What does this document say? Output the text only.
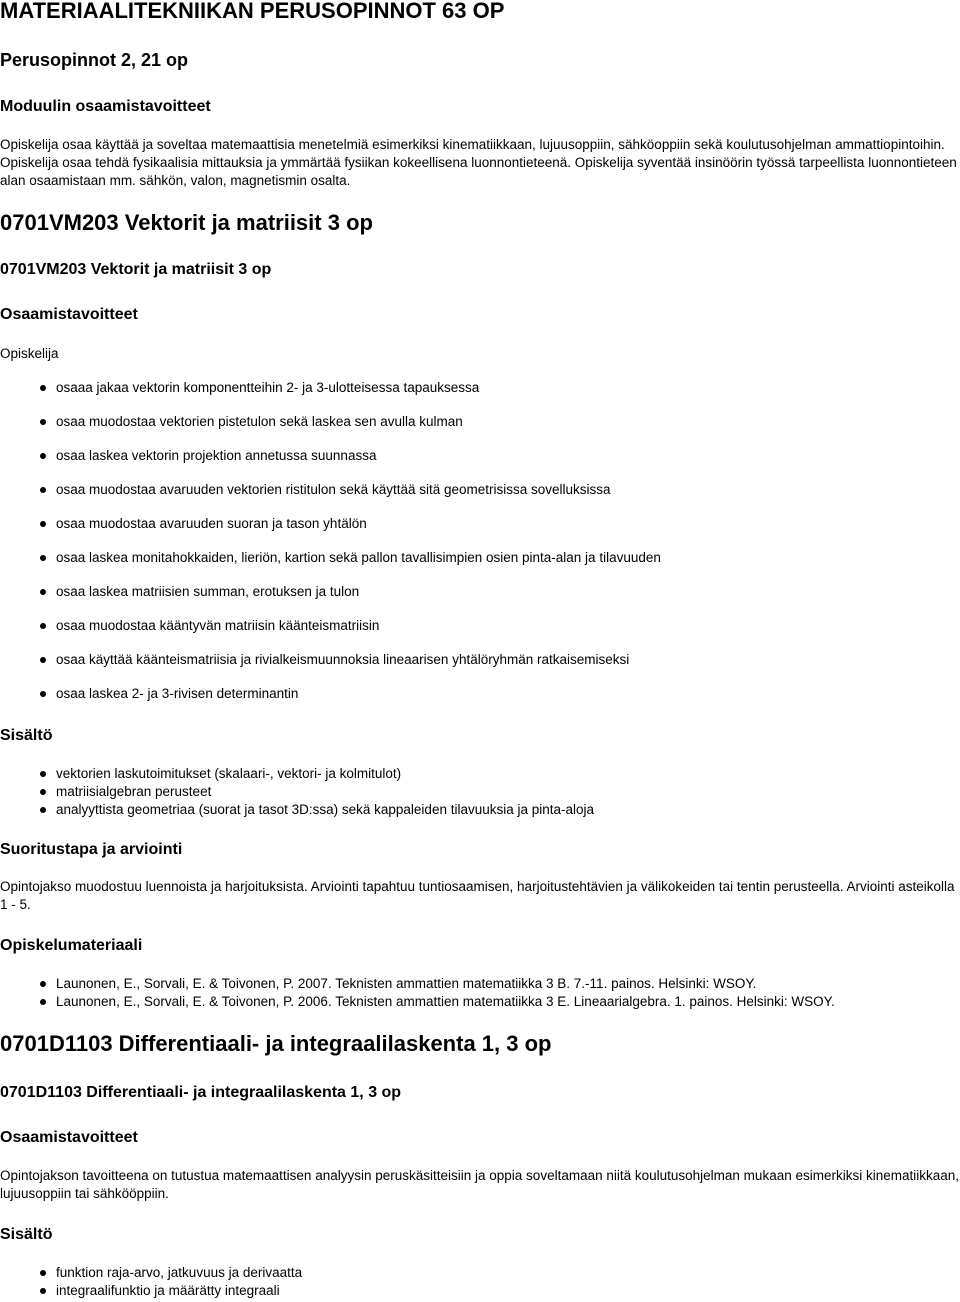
MATERIAALITEKNIIKAN PERUSOPINNOT 63 OP
Perusopinnot 2, 21 op
Moduulin osaamistavoitteet

Opiskelija osaa käyttää ja soveltaa matemaattisia menetelmiä esimerkiksi kinematiikkaan, lujuusoppiin, sähköoppiin sekä koulutusohjelman ammattiopintoihin. Opiskelija osaa tehdä fysikaalisia mittauksia ja ymmärtää fysiikan kokeellisena luonnontieteenä. Opiskelija syventää insinöörin työssä tarpeellista luonnontieteen alan osaamistaan mm. sähkön, valon, magnetismin osalta.

0701VM203 Vektorit ja matriisit 3 op
0701VM203 Vektorit ja matriisit 3 op
Osaamistavoitteet

Opiskelija

osaaa jakaa vektorin komponentteihin 2- ja 3-ulotteisessa tapauksessa
osaa muodostaa vektorien pistetulon sekä laskea sen avulla kulman
osaa laskea vektorin projektion annetussa suunnassa
osaa muodostaa avaruuden vektorien ristitulon sekä käyttää sitä geometrisissa sovelluksissa
osaa muodostaa avaruuden suoran ja tason yhtälön
osaa laskea monitahokkaiden, lieriön, kartion sekä pallon tavallisimpien osien pinta-alan ja tilavuuden
osaa laskea matriisien summan, erotuksen ja tulon
osaa muodostaa kääntyvän matriisin käänteismatriisin
osaa käyttää käänteismatriisia ja rivialkeismuunnoksia lineaarisen yhtälöryhmän ratkaisemiseksi
osaa laskea 2- ja 3-rivisen determinantin
Sisältö
vektorien laskutoimitukset (skalaari-, vektori- ja kolmitulot)
matriisialgebran perusteet
analyyttista geometriaa (suorat ja tasot 3D:ssa) sekä kappaleiden tilavuuksia ja pinta-aloja
Suoritustapa ja arviointi

Opintojakso muodostuu luennoista ja harjoituksista. Arviointi tapahtuu tuntiosaamisen, harjoitustehtävien ja välikokeiden tai tentin perusteella. Arviointi asteikolla 1 - 5.

Opiskelumateriaali
Launonen, E., Sorvali, E. & Toivonen, P. 2007. Teknisten ammattien matematiikka 3 B. 7.-11. painos. Helsinki: WSOY.
Launonen, E., Sorvali, E. & Toivonen, P. 2006. Teknisten ammattien matematiikka 3 E. Lineaarialgebra. 1. painos. Helsinki: WSOY.
0701D1103 Differentiaali- ja integraalilaskenta 1, 3 op
0701D1103 Differentiaali- ja integraalilaskenta 1, 3 op
Osaamistavoitteet

Opintojakson tavoitteena on tutustua matemaattisen analyysin peruskäsitteisiin ja oppia soveltamaan niitä koulutusohjelman mukaan esimerkiksi kinematiikkaan, lujuusoppiin tai sähkööppiin.

Sisältö
funktion raja-arvo, jatkuvuus ja derivaatta
integraalifunktio ja määrätty integraali
